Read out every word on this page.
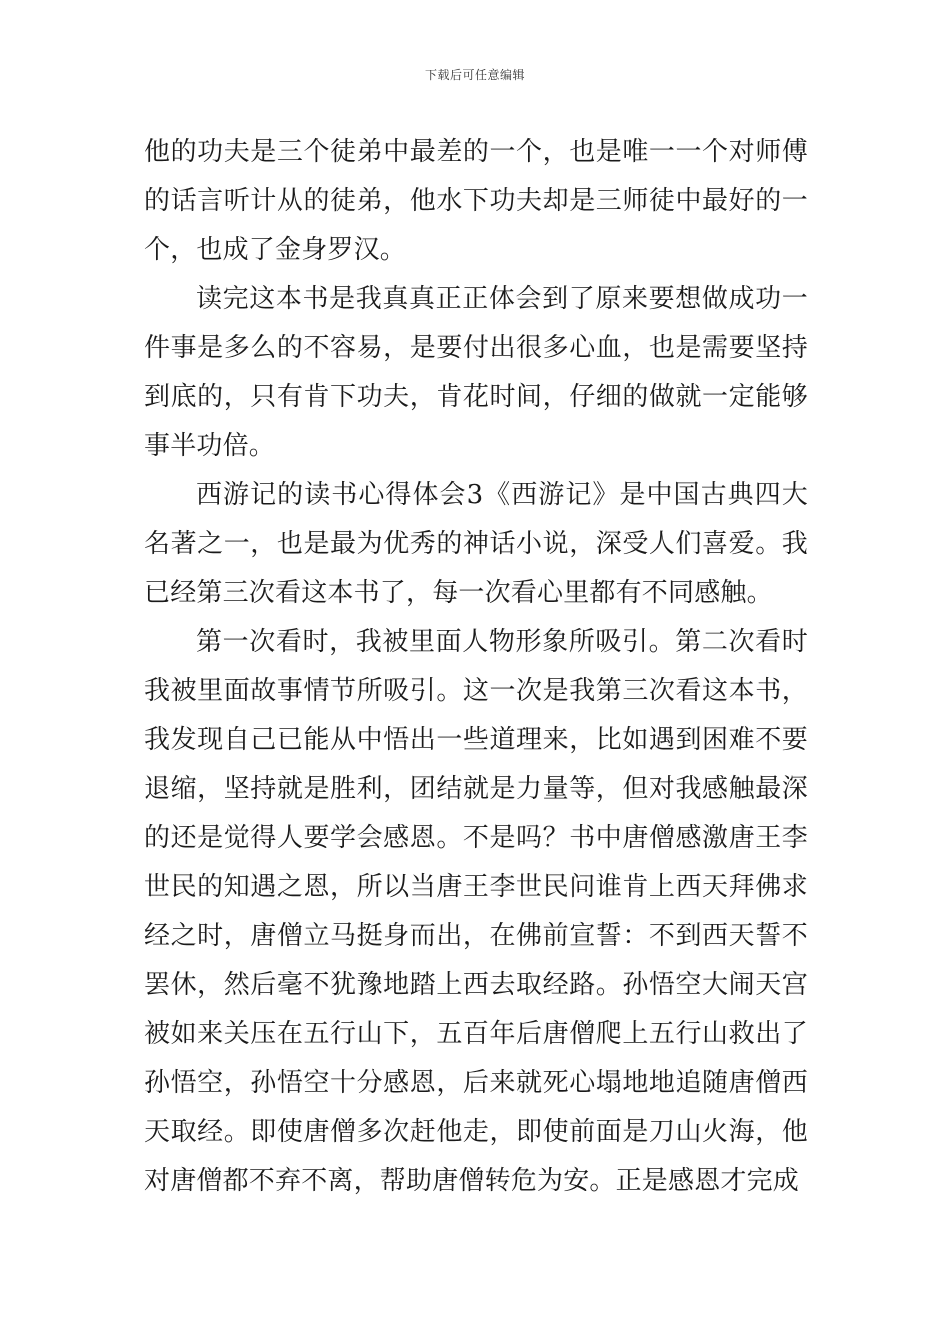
下载后可任意编辑

他的功夫是三个徒弟中最差的一个，也是唯一一个对师傅的话言听计从的徒弟，他水下功夫却是三师徒中最好的一个，也成了金身罗汉。

读完这本书是我真真正正体会到了原来要想做成功一件事是多么的不容易，是要付出很多心血，也是需要坚持到底的，只有肯下功夫，肯花时间，仔细的做就一定能够事半功倍。

西游记的读书心得体会3《西游记》是中国古典四大名著之一，也是最为优秀的神话小说，深受人们喜爱。我已经第三次看这本书了，每一次看心里都有不同感触。

第一次看时，我被里面人物形象所吸引。第二次看时我被里面故事情节所吸引。这一次是我第三次看这本书，我发现自己已能从中悟出一些道理来，比如遇到困难不要退缩，坚持就是胜利，团结就是力量等，但对我感触最深的还是觉得人要学会感恩。不是吗？书中唐僧感激唐王李世民的知遇之恩，所以当唐王李世民问谁肯上西天拜佛求经之时，唐僧立马挺身而出，在佛前宣誓：不到西天誓不罢休，然后毫不犹豫地踏上西去取经路。孙悟空大闹天宫被如来关压在五行山下，五百年后唐僧爬上五行山救出了孙悟空，孙悟空十分感恩，后来就死心塌地地追随唐僧西天取经。即使唐僧多次赶他走，即使前面是刀山火海，他对唐僧都不弃不离，帮助唐僧转危为安。正是感恩才完成
